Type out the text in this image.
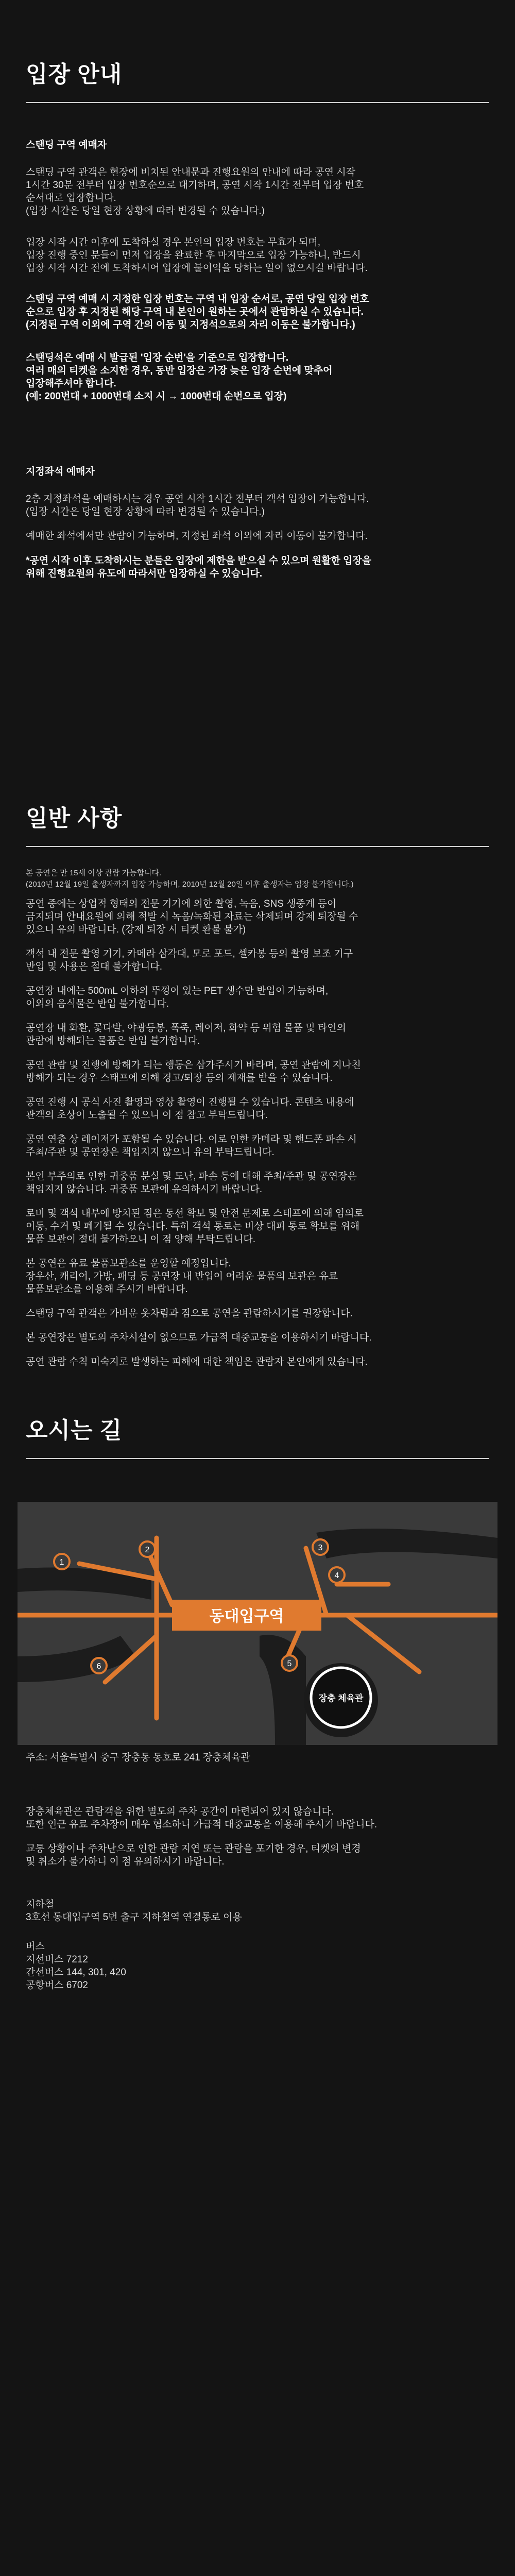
입장 안내

스탠딩 구역 예매자

스탠딩 구역 관객은 현장에 비치된 안내문과 진행요원의 안내에 따라 공연 시작
1시간 30분 전부터 입장 번호순으로 대기하며, 공연 시작 1시간 전부터 입장 번호
순서대로 입장합니다.
(입장 시간은 당일 현장 상황에 따라 변경될 수 있습니다.)

입장 시작 시간 이후에 도착하실 경우 본인의 입장 번호는 무효가 되며,
입장 진행 중인 분들이 먼저 입장을 완료한 후 마지막으로 입장 가능하니, 반드시
입장 시작 시간 전에 도착하시어 입장에 불이익을 당하는 일이 없으시길 바랍니다.

스탠딩 구역 예매 시 지정한 입장 번호는 구역 내 입장 순서로, 공연 당일 입장 번호
순으로 입장 후 지정된 해당 구역 내 본인이 원하는 곳에서 관람하실 수 있습니다.
(지정된 구역 이외에 구역 간의 이동 및 지정석으로의 자리 이동은 불가합니다.)

스탠딩석은 예매 시 발급된 '입장 순번'을 기준으로 입장합니다.
여러 매의 티켓을 소지한 경우, 동반 입장은 가장 늦은 입장 순번에 맞추어
입장해주셔야 합니다.
(예: 200번대 + 1000번대 소지 시 → 1000번대 순번으로 입장)

지정좌석 예매자

2층 지정좌석을 예매하시는 경우 공연 시작 1시간 전부터 객석 입장이 가능합니다.
(입장 시간은 당일 현장 상황에 따라 변경될 수 있습니다.)

예매한 좌석에서만 관람이 가능하며, 지정된 좌석 이외에 자리 이동이 불가합니다.

*공연 시작 이후 도착하시는 분들은 입장에 제한을 받으실 수 있으며 원활한 입장을
위해 진행요원의 유도에 따라서만 입장하실 수 있습니다.

일반 사항

본 공연은 만 15세 이상 관람 가능합니다.

(2010년 12월 19일 출생자까지 입장 가능하며, 2010년 12월 20일 이후 출생자는 입장 불가합니다.)

공연 중에는 상업적 형태의 전문 기기에 의한 촬영, 녹음, SNS 생중계 등이
금지되며 안내요원에 의해 적발 시 녹음/녹화된 자료는 삭제되며 강제 퇴장될 수
있으니 유의 바랍니다. (강제 퇴장 시 티켓 환불 불가)

객석 내 전문 촬영 기기, 카메라 삼각대, 모로 포드, 셀카봉 등의 촬영 보조 기구
반입 및 사용은 절대 불가합니다.

공연장 내에는 500mL 이하의 뚜껑이 있는 PET 생수만 반입이 가능하며,
이외의 음식물은 반입 불가합니다.

공연장 내 화환, 꽃다발, 야광등봉, 폭죽, 레이저, 화약 등 위험 물품 및 타인의
관람에 방해되는 물품은 반입 불가합니다.

공연 관람 및 진행에 방해가 되는 행동은 삼가주시기 바라며, 공연 관람에 지나친
방해가 되는 경우 스태프에 의해 경고/퇴장 등의 제재를 받을 수 있습니다.

공연 진행 시 공식 사진 촬영과 영상 촬영이 진행될 수 있습니다. 콘텐츠 내용에
관객의 초상이 노출될 수 있으니 이 점 참고 부탁드립니다.

공연 연출 상 레이저가 포함될 수 있습니다. 이로 인한 카메라 및 핸드폰 파손 시
주최/주관 및 공연장은 책임지지 않으니 유의 부탁드립니다.

본인 부주의로 인한 귀중품 분실 및 도난, 파손 등에 대해 주최/주관 및 공연장은
책임지지 않습니다. 귀중품 보관에 유의하시기 바랍니다.

로비 및 객석 내부에 방치된 짐은 동선 확보 및 안전 문제로 스태프에 의해 임의로
이동, 수거 및 폐기될 수 있습니다. 특히 객석 통로는 비상 대피 통로 확보를 위해
물품 보관이 절대 불가하오니 이 점 양해 부탁드립니다.

본 공연은 유료 물품보관소를 운영할 예정입니다.
장우산, 캐리어, 가방, 패딩 등 공연장 내 반입이 어려운 물품의 보관은 유료
물품보관소를 이용해 주시기 바랍니다.

스탠딩 구역 관객은 가벼운 옷차림과 짐으로 공연을 관람하시기를 권장합니다.

본 공연장은 별도의 주차시설이 없으므로 가급적 대중교통을 이용하시기 바랍니다.

공연 관람 수칙 미숙지로 발생하는 피해에 대한 책임은 관람자 본인에게 있습니다.

오시는 길
동대입구역
1
2	3
4
5
6
장충 체육관

주소: 서울특별시 중구 장충동 동호로 241 장충체육관

장충체육관은 관람객을 위한 별도의 주차 공간이 마련되어 있지 않습니다.
또한 인근 유료 주차장이 매우 협소하니 가급적 대중교통을 이용해 주시기 바랍니다.

교통 상황이나 주차난으로 인한 관람 지연 또는 관람을 포기한 경우, 티켓의 변경
및 취소가 불가하니 이 점 유의하시기 바랍니다.

지하철

3호선 동대입구역 5번 출구 지하철역 연결통로 이용

버스

지선버스 7212

간선버스 144, 301, 420

공항버스 6702
